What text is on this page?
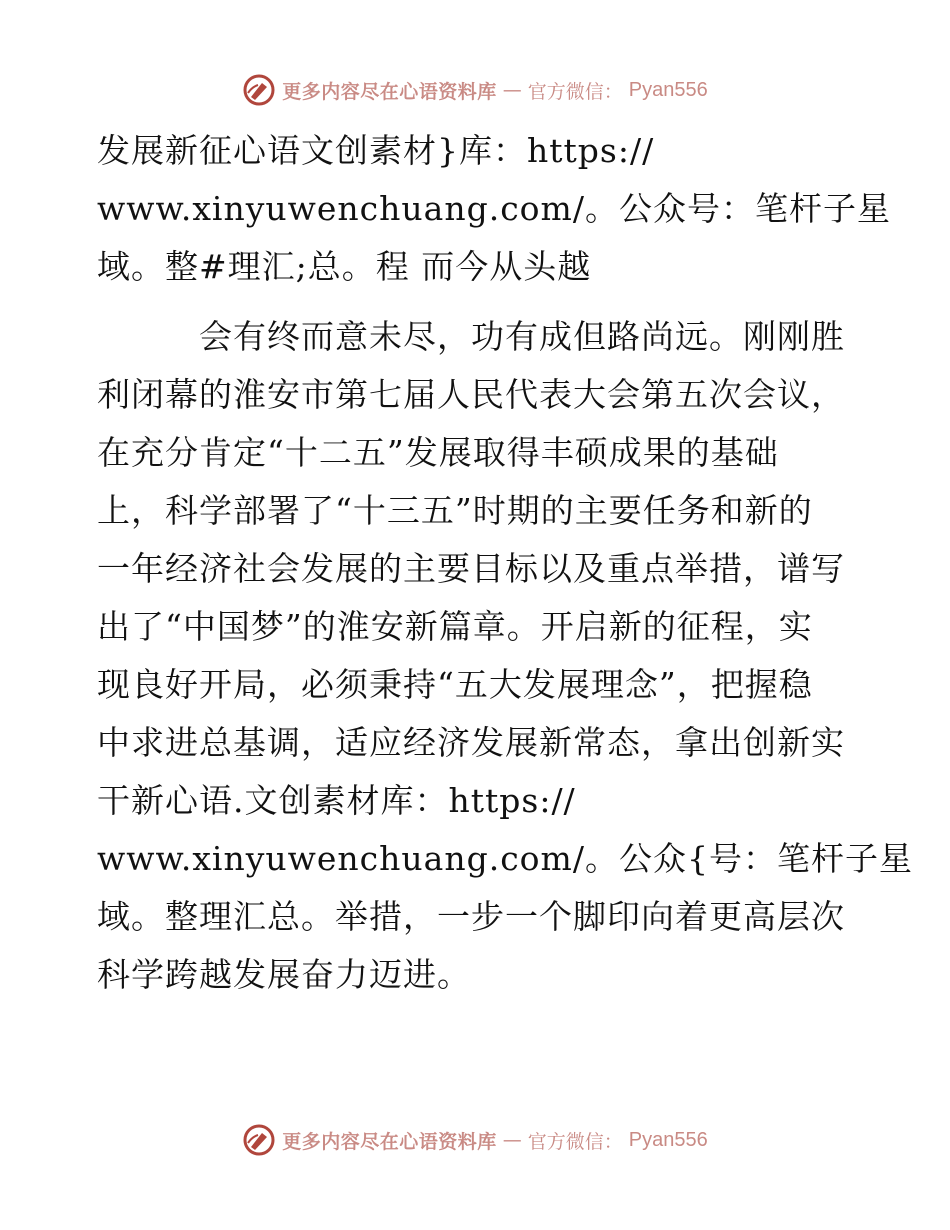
更多内容尽在心语资料库 — 官方微信： Pyan556
发展新征心语文创素材}库：https://
www.xinyuwenchuang.com/。公众号：笔杆子星
域。整#理汇;总。程 而今从头越
　　　会有终而意未尽，功有成但路尚远。刚刚胜
利闭幕的淮安市第七届人民代表大会第五次会议，
在充分肯定“十二五”发展取得丰硕成果的基础
上，科学部署了“十三五”时期的主要任务和新的
一年经济社会发展的主要目标以及重点举措，谱写
出了“中国梦”的淮安新篇章。开启新的征程，实
现良好开局，必须秉持“五大发展理念”，把握稳
中求进总基调，适应经济发展新常态，拿出创新实
干新心语.文创素材库：https://
www.xinyuwenchuang.com/。公众{号：笔杆子星
域。整理汇总。举措，一步一个脚印向着更高层次
科学跨越发展奋力迈进。
更多内容尽在心语资料库 — 官方微信： Pyan556
